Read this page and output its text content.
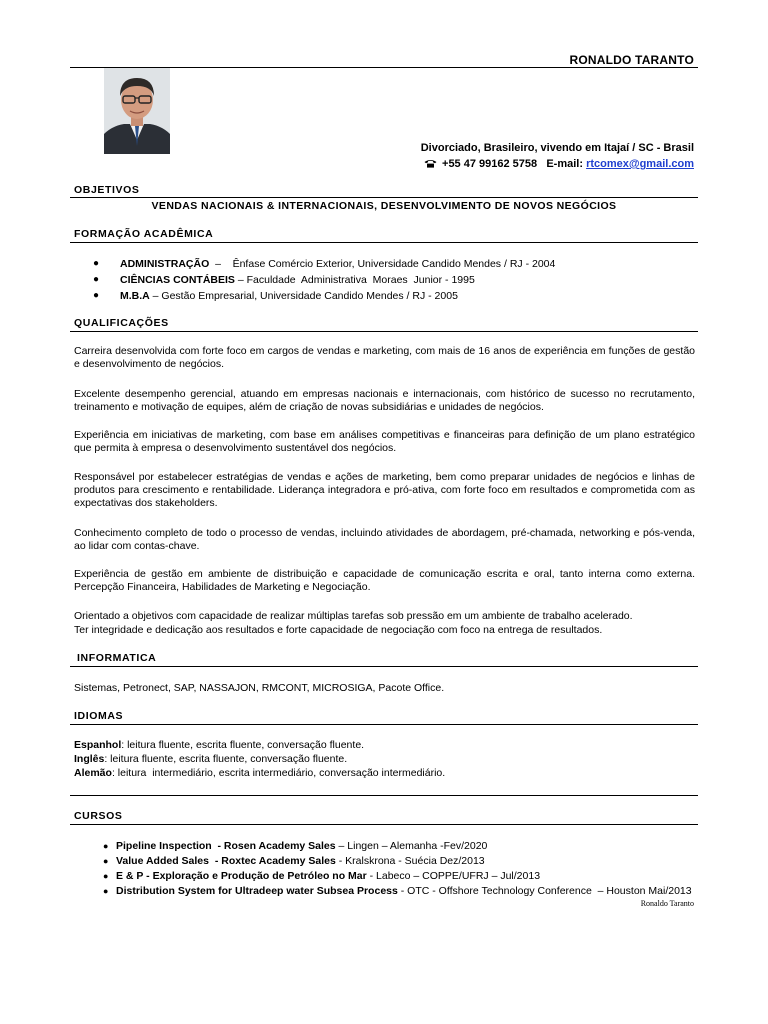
RONALDO TARANTO
Divorciado, Brasileiro, vivendo em Itajaí / SC - Brasil
+55 47 99162 5758 E-mail: rtcomex@gmail.com
OBJETIVOS
VENDAS NACIONAIS & INTERNACIONAIS, DESENVOLVIMENTO DE NOVOS NEGÓCIOS
FORMAÇÃO ACADÊMICA
● ADMINISTRAÇÃO  –    Ênfase Comércio Exterior, Universidade Candido Mendes / RJ - 2004
● CIÊNCIAS CONTÁBEIS – Faculdade  Administrativa  Moraes  Junior - 1995
● M.B.A – Gestão Empresarial, Universidade Candido Mendes / RJ - 2005
QUALIFICAÇÕES

Carreira desenvolvida com forte foco em cargos de vendas e marketing, com mais de 16 anos de experiência em funções de gestão e desenvolvimento de negócios.

Excelente desempenho gerencial, atuando em empresas nacionais e internacionais, com histórico de sucesso no recrutamento, treinamento e motivação de equipes, além de criação de novas subsidiárias e unidades de negócios.

Experiência em iniciativas de marketing, com base em análises competitivas e financeiras para definição de um plano estratégico que permita à empresa o desenvolvimento sustentável dos negócios.

Responsável por estabelecer estratégias de vendas e ações de marketing, bem como preparar unidades de negócios e linhas de produtos para crescimento e rentabilidade. Liderança integradora e pró-ativa, com forte foco em resultados e comprometida com as expectativas dos stakeholders.

Conhecimento completo de todo o processo de vendas, incluindo atividades de abordagem, pré-chamada, networking e pós-venda, ao lidar com contas-chave.

Experiência de gestão em ambiente de distribuição e capacidade de comunicação escrita e oral, tanto interna como externa. Percepção Financeira, Habilidades de Marketing e Negociação.

Orientado a objetivos com capacidade de realizar múltiplas tarefas sob pressão em um ambiente de trabalho acelerado.

Ter integridade e dedicação aos resultados e forte capacidade de negociação com foco na entrega de resultados.

INFORMATICA

Sistemas, Petronect, SAP, NASSAJON, RMCONT, MICROSIGA, Pacote Office.

IDIOMAS

Espanhol: leitura fluente, escrita fluente, conversação fluente.

Inglês: leitura fluente, escrita fluente, conversação fluente.

Alemão: leitura  intermediário, escrita intermediário, conversação intermediário.

CURSOS
● Pipeline Inspection  - Rosen Academy Sales – Lingen – Alemanha -Fev/2020
● Value Added Sales  - Roxtec Academy Sales - Kralskrona - Suécia Dez/2013
● E & P - Exploração e Produção de Petróleo no Mar - Labeco – COPPE/UFRJ – Jul/2013
● Distribution System for Ultradeep water Subsea Process - OTC - Offshore Technology Conference  – Houston Mai/2013
Ronaldo Taranto
